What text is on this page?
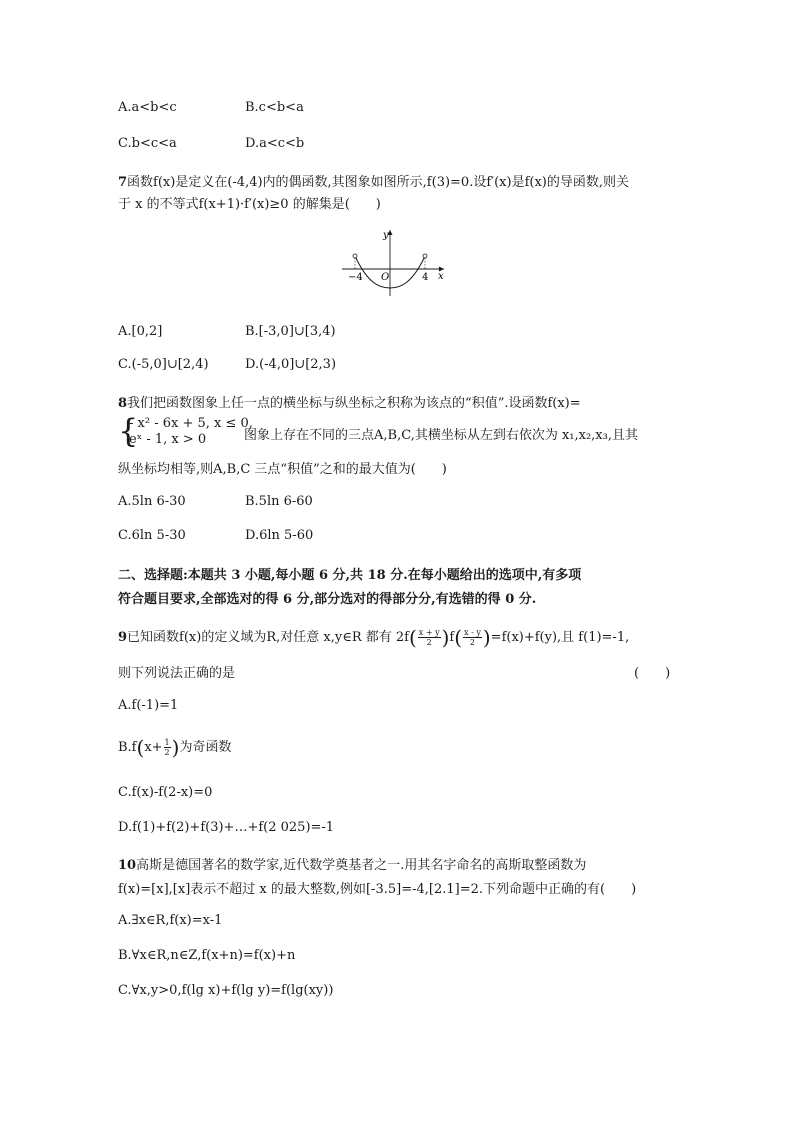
A.a<b<c	B.c<b<a
C.b<c<a	D.a<c<b
7函数f(x)是定义在(-4,4)内的偶函数,其图象如图所示,f(3)=0.设f′(x)是f(x)的导函数,则关
于 x 的不等式f(x+1)·f′(x)≥0 的解集是(　　)
y
x
O
−4	4
A.[0,2]	B.[-3,0]∪[3,4)
C.(-5,0]∪[2,4)	D.(-4,0]∪[2,3)
8我们把函数图象上任一点的横坐标与纵坐标之积称为该点的“积值”.设函数f(x)=
{
- x² - 6x + 5, x ≤ 0,
eˣ - 1, x > 0	图象上存在不同的三点A,B,C,其横坐标从左到右依次为 x₁,x₂,x₃,且其
纵坐标均相等,则A,B,C 三点“积值”之和的最大值为(　　)
A.5ln 6-30	B.5ln 6-60
C.6ln 5-30	D.6ln 5-60
二、选择题:本题共 3 小题,每小题 6 分,共 18 分.在每小题给出的选项中,有多项
符合题目要求,全部选对的得 6 分,部分选对的得部分分,有选错的得 0 分.
9已知函数f(x)的定义域为R,对任意 x,y∈R 都有 $2f( \frac{x + y}{2} )f( \frac{x - y}{2} )=f(x)+f(y)$,且 f(1)=-1,
则下列说法正确的是	(　　)
A.f(-1)=1
$B.f(x+ \frac{1}{2}$ )为奇函数
C.f(x)-f(2-x)=0
D.f(1)+f(2)+f(3)+…+f(2 025)=-1
10高斯是德国著名的数学家,近代数学奠基者之一.用其名字命名的高斯取整函数为
f(x)=[x],[x]表示不超过 x 的最大整数,例如[-3.5]=-4,[2.1]=2.下列命题中正确的有(　　)
A.∃x∈R,f(x)=x-1
B.∀x∈R,n∈Z,f(x+n)=f(x)+n
C.∀x,y>0,f(lg x)+f(lg y)=f(lg(xy))
